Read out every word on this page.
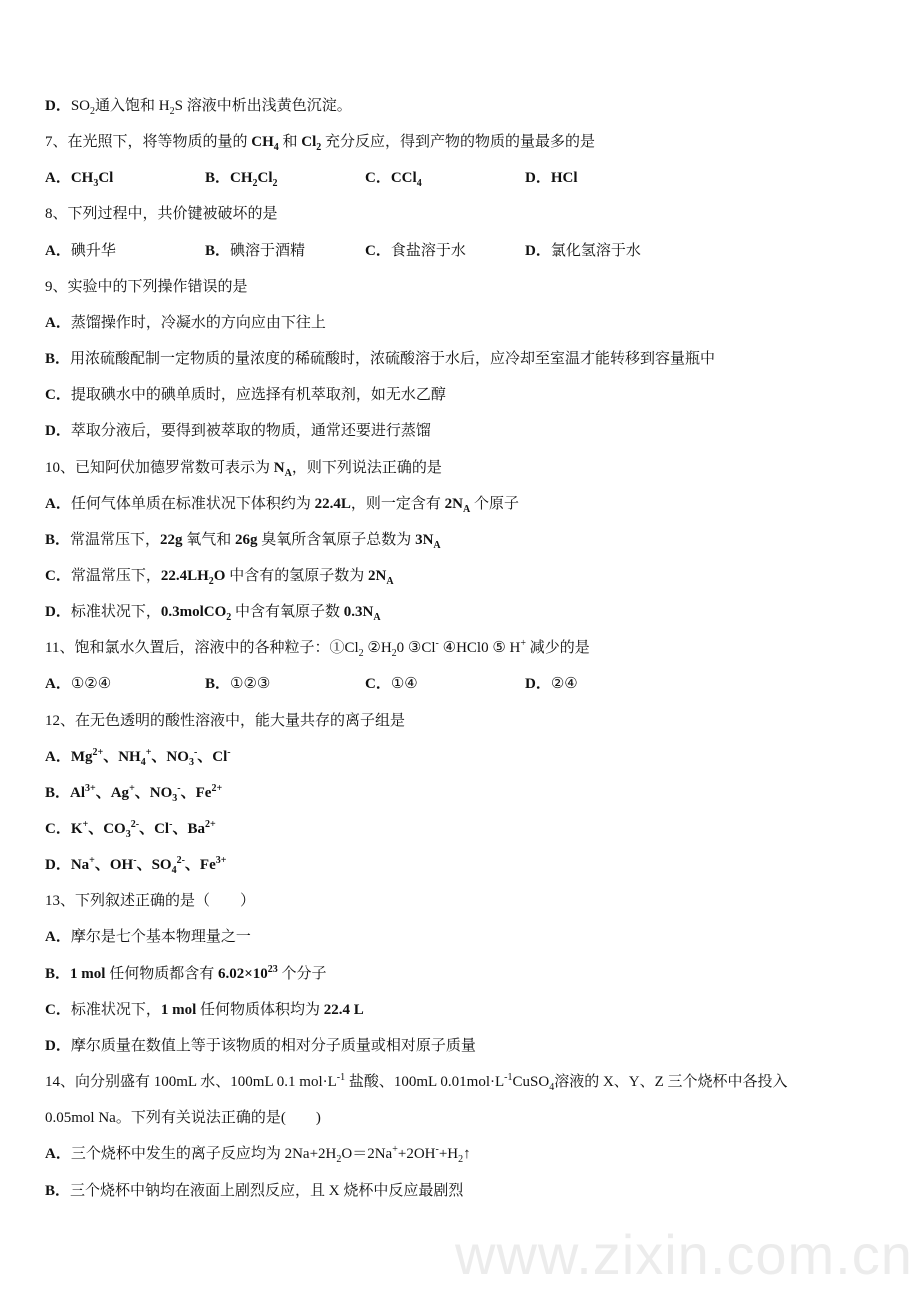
www.zixin.com.cn
D．$SO_2$通入饱和 $H_2S$ 溶液中析出浅黄色沉淀。
7、在光照下，将等物质的量的 $CH_4$ 和 $Cl_2$ 充分反应，得到产物的物质的量最多的是
A．$CH_3Cl$	B．$CH_2Cl_2$	C．CCl$_4$	D．HCl
8、下列过程中，共价键被破坏的是
A．碘升华	B．碘溶于酒精	C．食盐溶于水	D．氯化氢溶于水
9、实验中的下列操作错误的是
A．蒸馏操作时，冷凝水的方向应由下往上
B．用浓硫酸配制一定物质的量浓度的稀硫酸时，浓硫酸溶于水后，应冷却至室温才能转移到容量瓶中
C．提取碘水中的碘单质时，应选择有机萃取剂，如无水乙醇
D．萃取分液后，要得到被萃取的物质，通常还要进行蒸馏
10、已知阿伏加德罗常数可表示为 $N_A$，则下列说法正确的是
A．任何气体单质在标准状况下体积约为 22.4L，则一定含有 $2N_A$ 个原子
B．常温常压下，22g 氧气和 26g 臭氧所含氧原子总数为 $3N_A$
C．常温常压下，$22.4LH_2O$ 中含有的氢原子数为 $2N_A$
D．标准状况下，0.3molCO$_2$ 中含有氧原子数 $0.3N_A$
11、饱和氯水久置后，溶液中的各种粒子：$①Cl_2$ $②H_20$ ③Cl- ④HCl0 ⑤ H+ 减少的是
A．①②④	B．①②③	C．①④	D．②④
12、在无色透明的酸性溶液中，能大量共存的离子组是
A．$Mg^{2+}$、$NH_4^+$、$NO_3^-$、Cl-
B．$Al^{3+}$、Ag+、$NO_3^-$、$Fe^{2+}$
C．K+、$CO_3^{2-}$、Cl-、$Ba^{2+}$
D．Na+、OH-、$SO_4^{2-}$、$Fe^{3+}$
13、下列叙述正确的是（　　）
A．摩尔是七个基本物理量之一
B．1 mol 任何物质都含有 $6.02\times 10^{23}$ 个分子
C．标准状况下，1 mol 任何物质体积均为 22.4 L
D．摩尔质量在数值上等于该物质的相对分子质量或相对原子质量
14、向分别盛有 100mL 水、100mL 0.1 $mol\cdot L^{-1}$ 盐酸、100mL $0.01mol\cdot L^{-1}CuSO_4$溶液的 X、Y、Z 三个烧杯中各投入
0.05mol Na。下列有关说法正确的是(　　)
A．三个烧杯中发生的离子反应均为 $2Na+2H_2O=2Na^++2OH^-+H_2↑$
B．三个烧杯中钠均在液面上剧烈反应，且 X 烧杯中反应最剧烈
